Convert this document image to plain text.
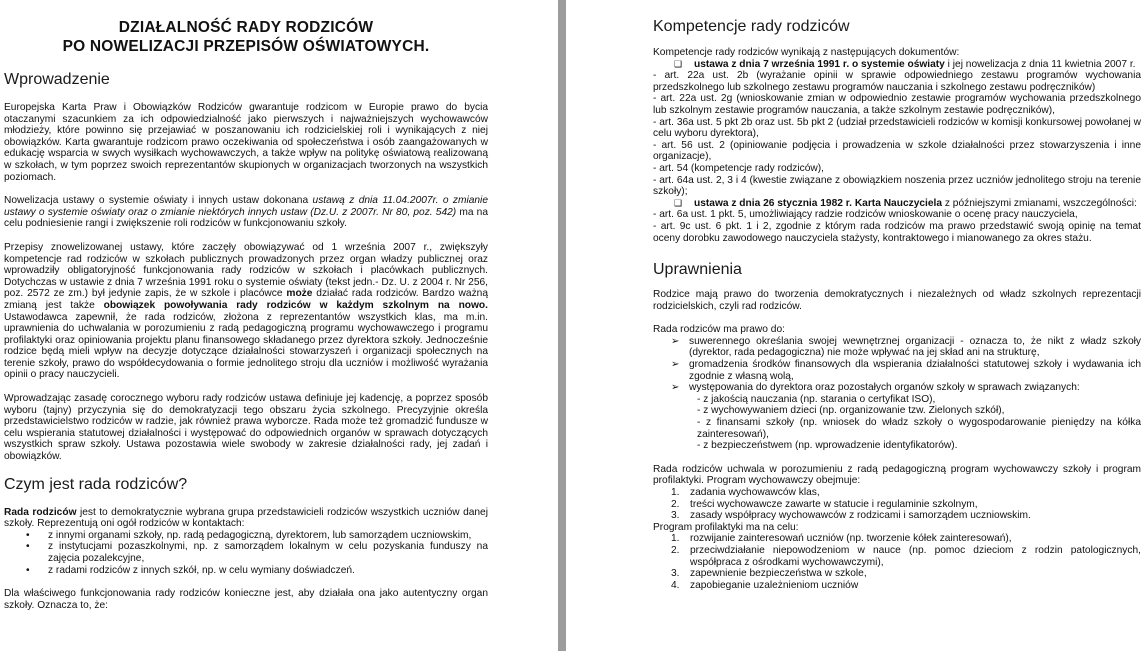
DZIAŁALNOŚĆ RADY RODZICÓW
PO NOWELIZACJI PRZEPISÓW OŚWIATOWYCH.
Wprowadzenie

Europejska Karta Praw i Obowiązków Rodziców gwarantuje rodzicom w Europie prawo do bycia otaczanymi szacunkiem za ich odpowiedzialność jako pierwszych i najważniejszych wychowawców młodzieży, które powinno się przejawiać w poszanowaniu ich rodzicielskiej roli i wynikających z niej obowiązków. Karta gwarantuje rodzicom prawo oczekiwania od społeczeństwa i osób zaangażowanych w edukację wsparcia w swych wysiłkach wychowawczych, a także wpływ na politykę oświatową realizowaną w szkołach, w tym poprzez swoich reprezentantów skupionych w organizacjach tworzonych na wszystkich poziomach.

Nowelizacja ustawy o systemie oświaty i innych ustaw dokonana ustawą z dnia 11.04.2007r. o zmianie ustawy o systemie oświaty oraz o zmianie niektórych innych ustaw (Dz.U. z 2007r. Nr 80, poz. 542) ma na celu podniesienie rangi i zwiększenie roli rodziców w funkcjonowaniu szkoły.

Przepisy znowelizowanej ustawy, które zaczęły obowiązywać od 1 września 2007 r., zwiększyły kompetencje rad rodziców w szkołach publicznych prowadzonych przez organ władzy publicznej oraz wprowadziły obligatoryjność funkcjonowania rady rodziców w szkołach i placówkach publicznych. Dotychczas w ustawie z dnia 7 września 1991 roku o systemie oświaty (tekst jedn.- Dz. U. z 2004 r. Nr 256, poz. 2572 ze zm.) był jedynie zapis, że w szkole i placówce może działać rada rodziców. Bardzo ważną zmianą jest także obowiązek powoływania rady rodziców w każdym szkolnym na nowo. Ustawodawca zapewnił, że rada rodziców, złożona z reprezentantów wszystkich klas, ma m.in. uprawnienia do uchwalania w porozumieniu z radą pedagogiczną programu wychowawczego i programu profilaktyki oraz opiniowania projektu planu finansowego składanego przez dyrektora szkoły. Jednocześnie rodzice będą mieli wpływ na decyzje dotyczące działalności stowarzyszeń i organizacji społecznych na terenie szkoły, prawo do współdecydowania o formie jednolitego stroju dla uczniów i możliwość wyrażania opinii o pracy nauczycieli.

Wprowadzając zasadę corocznego wyboru rady rodziców ustawa definiuje jej kadencję, a poprzez sposób wyboru (tajny) przyczynia się do demokratyzacji tego obszaru życia szkolnego. Precyzyjnie określa przedstawicielstwo rodziców w radzie, jak również prawa wyborcze. Rada może też gromadzić fundusze w celu wspierania statutowej działalności i występować do odpowiednich organów w sprawach dotyczących wszystkich spraw szkoły. Ustawa pozostawia wiele swobody w zakresie działalności rady, jej zadań i obowiązków.

Czym jest rada rodziców?

Rada rodziców jest to demokratycznie wybrana grupa przedstawicieli rodziców wszystkich uczniów danej szkoły. Reprezentują oni ogół rodziców w kontaktach:

• z innymi organami szkoły, np. radą pedagogiczną, dyrektorem, lub samorządem uczniowskim,
• z instytucjami pozaszkolnymi, np. z samorządem lokalnym w celu pozyskania funduszy na zajęcia pozalekcyjne,
• z radami rodziców z innych szkół, np. w celu wymiany doświadczeń.

Dla właściwego funkcjonowania rady rodziców konieczne jest, aby działała ona jako autentyczny organ szkoły. Oznacza to, że:

Kompetencje rady rodziców
Kompetencje rady rodziców wynikają z następujących dokumentów:
❑ ustawa z dnia 7 września 1991 r. o systemie oświaty i jej nowelizacja z dnia 11 kwietnia 2007 r.
- art. 22a ust. 2b (wyrażanie opinii w sprawie odpowiedniego zestawu programów wychowania przedszkolnego lub szkolnego zestawu programów nauczania i szkolnego zestawu podręczników)
- art. 22a ust. 2g (wnioskowanie zmian w odpowiednio zestawie programów wychowania przedszkolnego lub szkolnym zestawie programów nauczania, a także szkolnym zestawie podręczników),
- art. 36a ust. 5 pkt 2b oraz ust. 5b pkt 2 (udział przedstawicieli rodziców w komisji konkursowej powołanej w celu wyboru dyrektora),
- art. 56 ust. 2 (opiniowanie podjęcia i prowadzenia w szkole działalności przez stowarzyszenia i inne organizacje),
- art. 54 (kompetencje rady rodziców),
- art. 64a ust. 2, 3 i 4 (kwestie związane z obowiązkiem noszenia przez uczniów jednolitego stroju na terenie szkoły);
❑ ustawa z dnia 26 stycznia 1982 r. Karta Nauczyciela z późniejszymi zmianami, wszczególności:
- art. 6a ust. 1 pkt. 5, umożliwiający radzie rodziców wnioskowanie o ocenę pracy nauczyciela,
- art. 9c ust. 6 pkt. 1 i 2, zgodnie z którym rada rodziców ma prawo przedstawić swoją opinię na temat oceny dorobku zawodowego nauczyciela stażysty, kontraktowego i mianowanego za okres stażu.
Uprawnienia

Rodzice mają prawo do tworzenia demokratycznych i niezależnych od władz szkolnych reprezentacji rodzicielskich, czyli rad rodziców.

Rada rodziców ma prawo do:
➢ suwerennego określania swojej wewnętrznej organizacji - oznacza to, że nikt z władz szkoły (dyrektor, rada pedagogiczna) nie może wpływać na jej skład ani na strukturę,
➢ gromadzenia środków finansowych dla wspierania działalności statutowej szkoły i wydawania ich zgodnie z własną wolą,
➢ występowania do dyrektora oraz pozostałych organów szkoły w sprawach związanych:
- z jakością nauczania (np. starania o certyfikat ISO),
- z wychowywaniem dzieci (np. organizowanie tzw. Zielonych szkół),
- z finansami szkoły (np. wniosek do władz szkoły o wygospodarowanie pieniędzy na kółka zainteresowań),
- z bezpieczeństwem (np. wprowadzenie identyfikatorów).
Rada rodziców uchwala w porozumieniu z radą pedagogiczną program wychowawczy szkoły i program profilaktyki. Program wychowawczy obejmuje:
1. zadania wychowawców klas,
2. treści wychowawcze zawarte w statucie i regulaminie szkolnym,
3. zasady współpracy wychowawców z rodzicami i samorządem uczniowskim.
Program profilaktyki ma na celu:
1. rozwijanie zainteresowań uczniów (np. tworzenie kółek zainteresowań),
2. przeciwdziałanie niepowodzeniom w nauce (np. pomoc dzieciom z rodzin patologicznych, współpraca z ośrodkami wychowawczymi),
3. zapewnienie bezpieczeństwa w szkole,
4. zapobieganie uzależnieniom uczniów
